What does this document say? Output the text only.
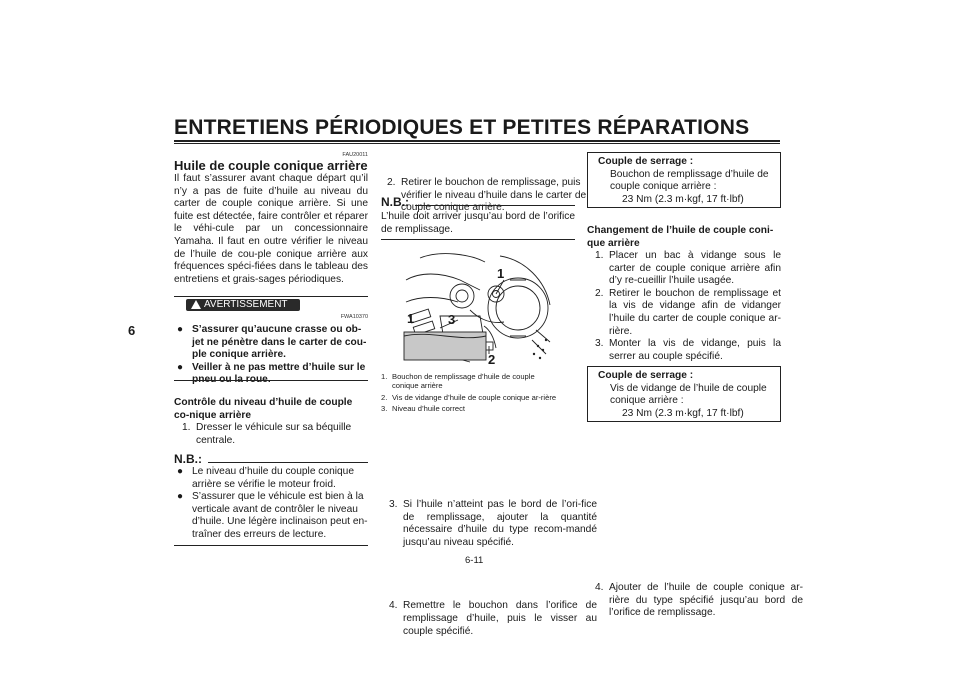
ENTRETIENS PÉRIODIQUES ET PETITES RÉPARATIONS
6
FAU20011
Huile de couple conique arrière
Il faut s’assurer avant chaque départ qu’il n’y a pas de fuite d’huile au niveau du carter de couple conique arrière. Si une fuite est détectée, faire contrôler et réparer le véhi-cule par un concessionnaire Yamaha. Il faut en outre vérifier le niveau de l’huile de cou-ple conique arrière aux fréquences spéci-fiées dans le tableau des entretiens et grais-sages périodiques.
AVERTISSEMENT
FWA10370
● S’assurer qu’aucune crasse ou ob-jet ne pénètre dans le carter de cou-ple conique arrière.
● Veiller à ne pas mettre d’huile sur le pneu ou la roue.
Contrôle du niveau d’huile de couple co-nique arrière
1. Dresser le véhicule sur sa béquille centrale.
N.B.:
● Le niveau d’huile du couple conique arrière se vérifie le moteur froid.
● S’assurer que le véhicule est bien à la verticale avant de contrôler le niveau d’huile. Une légère inclinaison peut en-traîner des erreurs de lecture.
2. Retirer le bouchon de remplissage, puis vérifier le niveau d’huile dans le carter de couple conique arrière.
N.B.:
L’huile doit arriver jusqu’au bord de l’orifice de remplissage.
1
1
2
3
1. Bouchon de remplissage d’huile de couple conique arrière
2. Vis de vidange d’huile de couple conique ar-rière
3. Niveau d’huile correct
3. Si l’huile n’atteint pas le bord de l’ori-fice de remplissage, ajouter la quantité nécessaire d’huile du type recom-mandé jusqu’au niveau spécifié.
4. Remettre le bouchon dans l’orifice de remplissage d’huile, puis le visser au couple spécifié.
Couple de serrage :
Bouchon de remplissage d’huile de couple conique arrière :
23 Nm (2.3 m·kgf, 17 ft·lbf)
Changement de l’huile de couple coni-que arrière
1. Placer un bac à vidange sous le carter de couple conique arrière afin d’y re-cueillir l’huile usagée.
2. Retirer le bouchon de remplissage et la vis de vidange afin de vidanger l’huile du carter de couple conique ar-rière.
3. Monter la vis de vidange, puis la serrer au couple spécifié.
Couple de serrage :
Vis de vidange de l’huile de couple conique arrière :
23 Nm (2.3 m·kgf, 17 ft·lbf)
4. Ajouter de l’huile de couple conique ar-rière du type spécifié jusqu’au bord de l’orifice de remplissage.
6-11
